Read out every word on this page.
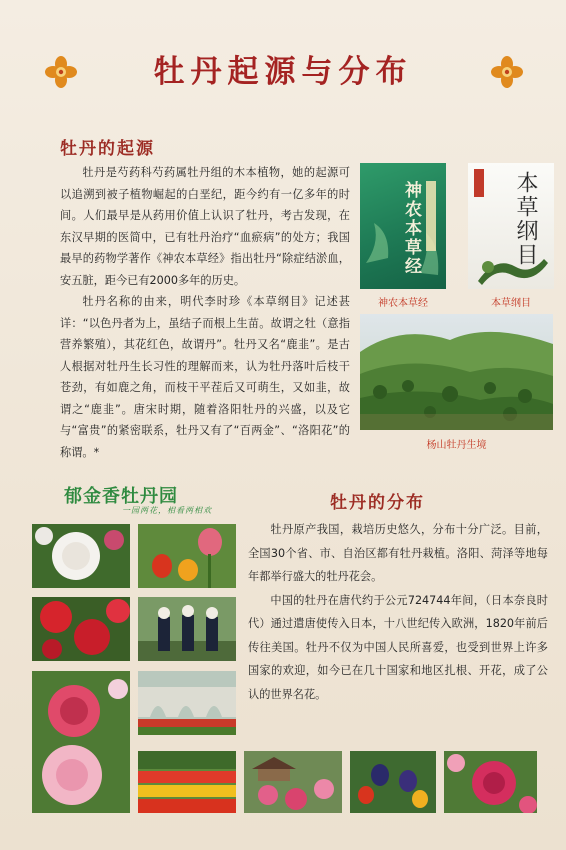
牡丹起源与分布
牡丹的起源

牡丹是芍药科芍药属牡丹组的木本植物，她的起源可以追溯到被子植物崛起的白垩纪，距今约有一亿多年的时间。人们最早是从药用价值上认识了牡丹，考古发现，在东汉早期的医简中，已有牡丹治疗“血瘀病”的处方；我国最早的药物学著作《神农本草经》指出牡丹“除症结淤血，安五脏，距今已有2000多年的历史。

牡丹名称的由来，明代李时珍《本草纲目》记述甚详：“以色丹者为上，虽结子而根上生苗。故谓之牡（意指营养繁殖），其花红色，故谓丹”。牡丹又名“鹿韭”。是古人根据对牡丹生长习性的理解而来，认为牡丹落叶后枝干苍劲，有如鹿之角，而枝干平茬后又可萌生，又如韭，故谓之“鹿韭”。唐宋时期，随着洛阳牡丹的兴盛，以及它与“富贵”的紧密联系，牡丹又有了“百两金”、“洛阳花”的称谓。*

神农本草经
神农本草经
本草纲目
本草纲目
杨山牡丹生境
郁金香牡丹园
一园两花，相看两相欢	牡丹的分布

牡丹原产我国，栽培历史悠久，分布十分广泛。目前，全国30个省、市、自治区都有牡丹栽植。洛阳、菏泽等地每年都举行盛大的牡丹花会。

中国的牡丹在唐代约于公元724744年间，（日本奈良时代）通过遣唐使传入日本，十八世纪传入欧洲，1820年前后传往美国。牡丹不仅为中国人民所喜爱，也受到世界上许多国家的欢迎，如今已在几十国家和地区扎根、开花，成了公认的世界名花。
